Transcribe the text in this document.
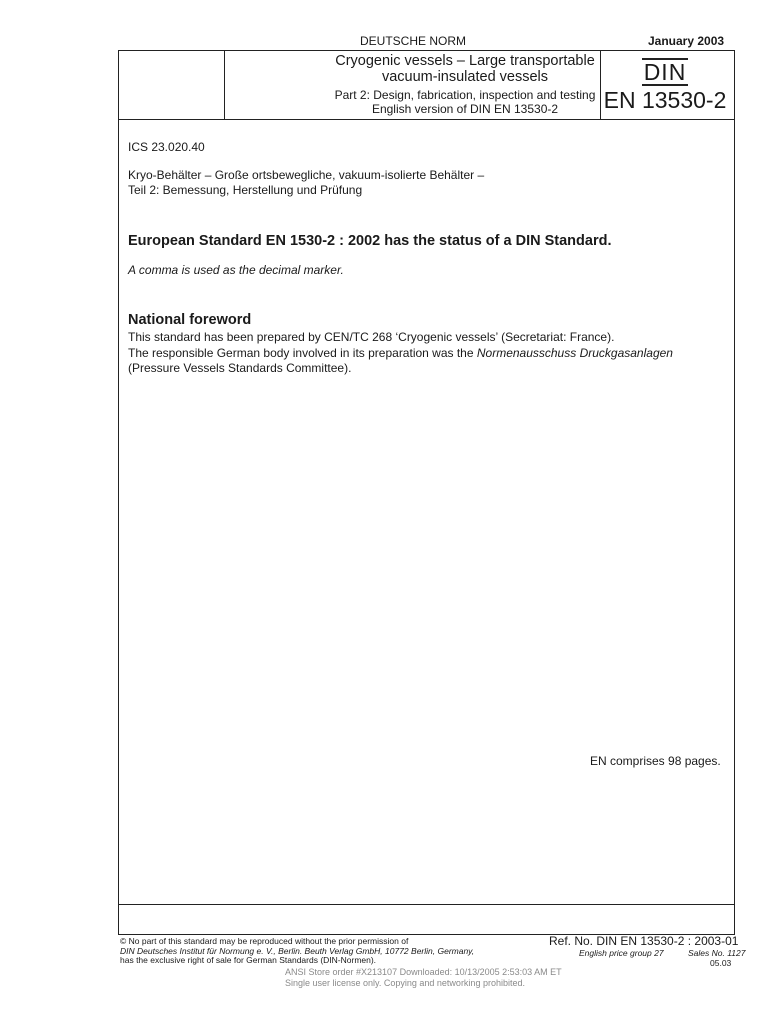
DEUTSCHE NORM	January 2003
Cryogenic vessels – Large transportable
vacuum-insulated vessels
Part 2: Design, fabrication, inspection and testing
English version of DIN EN 13530-2
DIN
EN 13530-2
ICS 23.020.40
Kryo-Behälter – Große ortsbewegliche, vakuum-isolierte Behälter –
Teil 2: Bemessung, Herstellung und Prüfung
European Standard EN 1530-2 : 2002 has the status of a DIN Standard.
A comma is used as the decimal marker.
National foreword
This standard has been prepared by CEN/TC 268 ‘Cryogenic vessels’ (Secretariat: France).
The responsible German body involved in its preparation was the Normenausschuss Druckgasanlagen
(Pressure Vessels Standards Committee).
EN comprises 98 pages.
© No part of this standard may be reproduced without the prior permission of
DIN Deutsches Institut für Normung e. V., Berlin. Beuth Verlag GmbH, 10772 Berlin, Germany,
has the exclusive right of sale for German Standards (DIN-Normen).
Ref. No. DIN EN 13530-2 : 2003-01
English price group 27	Sales No. 1127
05.03
ANSI Store order #X213107 Downloaded: 10/13/2005 2:53:03 AM ET
Single user license only. Copying and networking prohibited.
